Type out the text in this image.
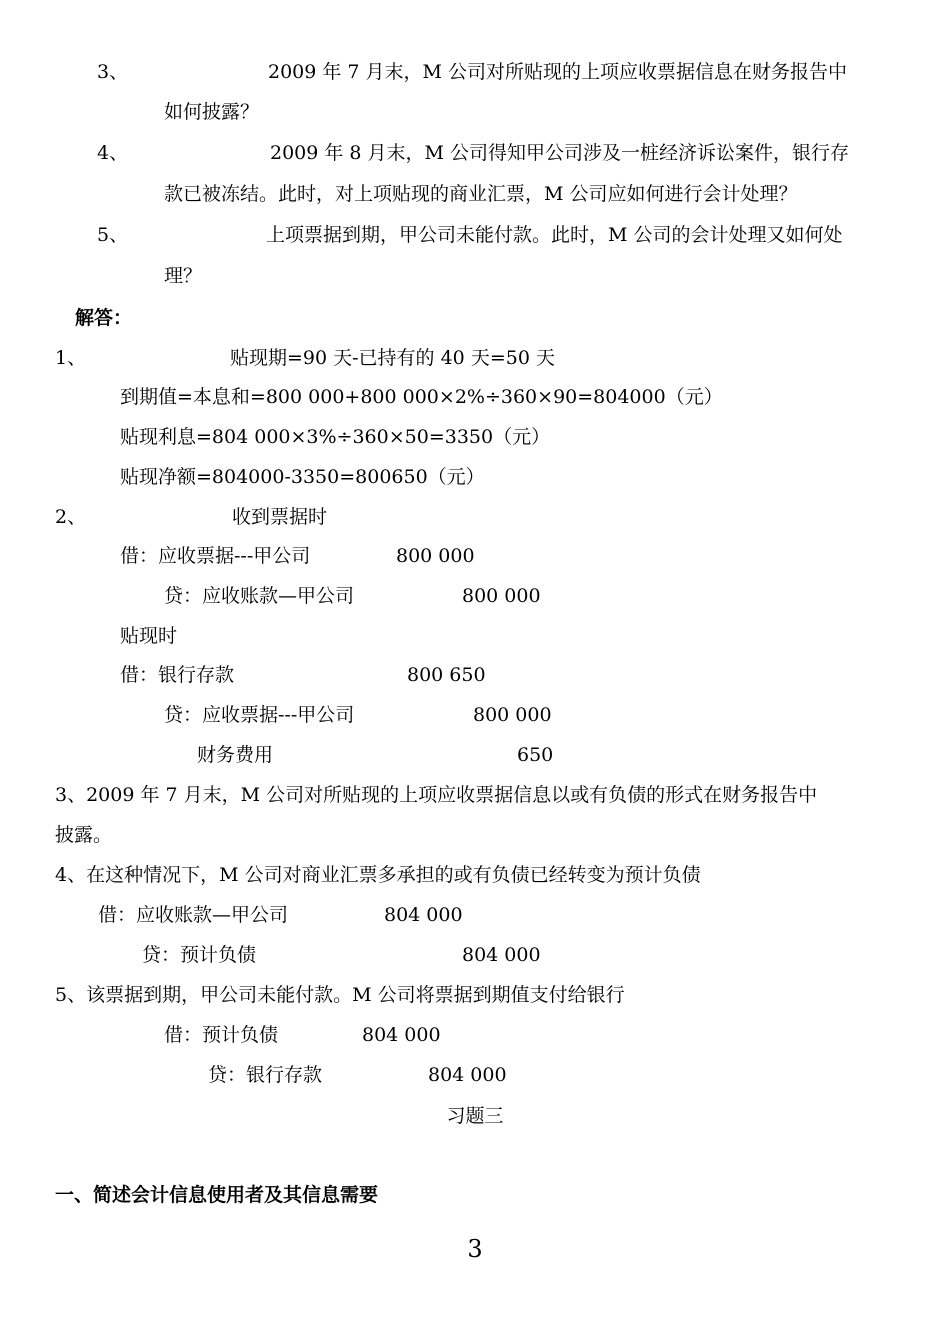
3、	2009 年 7 月末，M 公司对所贴现的上项应收票据信息在财务报告中
如何披露？
4、	2009 年 8 月末，M 公司得知甲公司涉及一桩经济诉讼案件，银行存
款已被冻结。此时，对上项贴现的商业汇票，M 公司应如何进行会计处理？
5、	上项票据到期，甲公司未能付款。此时，M 公司的会计处理又如何处
理？
解答：
1、	贴现期=90 天-已持有的 40 天=50 天
到期值=本息和=800 000+800 000×2%÷360×90=804000（元）
贴现利息=804 000×3%÷360×50=3350（元）
贴现净额=804000-3350=800650（元）
2、	收到票据时
借：应收票据---甲公司	800 000
贷：应收账款—甲公司	800 000
贴现时
借：银行存款	800 650
贷：应收票据---甲公司	800 000
财务费用	650
3、2009 年 7 月末，M 公司对所贴现的上项应收票据信息以或有负债的形式在财务报告中
披露。
4、在这种情况下，M 公司对商业汇票多承担的或有负债已经转变为预计负债
借：应收账款—甲公司	804 000
贷：预计负债	804 000
5、该票据到期，甲公司未能付款。M 公司将票据到期值支付给银行
借：预计负债	804 000
贷：银行存款	804 000
习题三
一、简述会计信息使用者及其信息需要
3
